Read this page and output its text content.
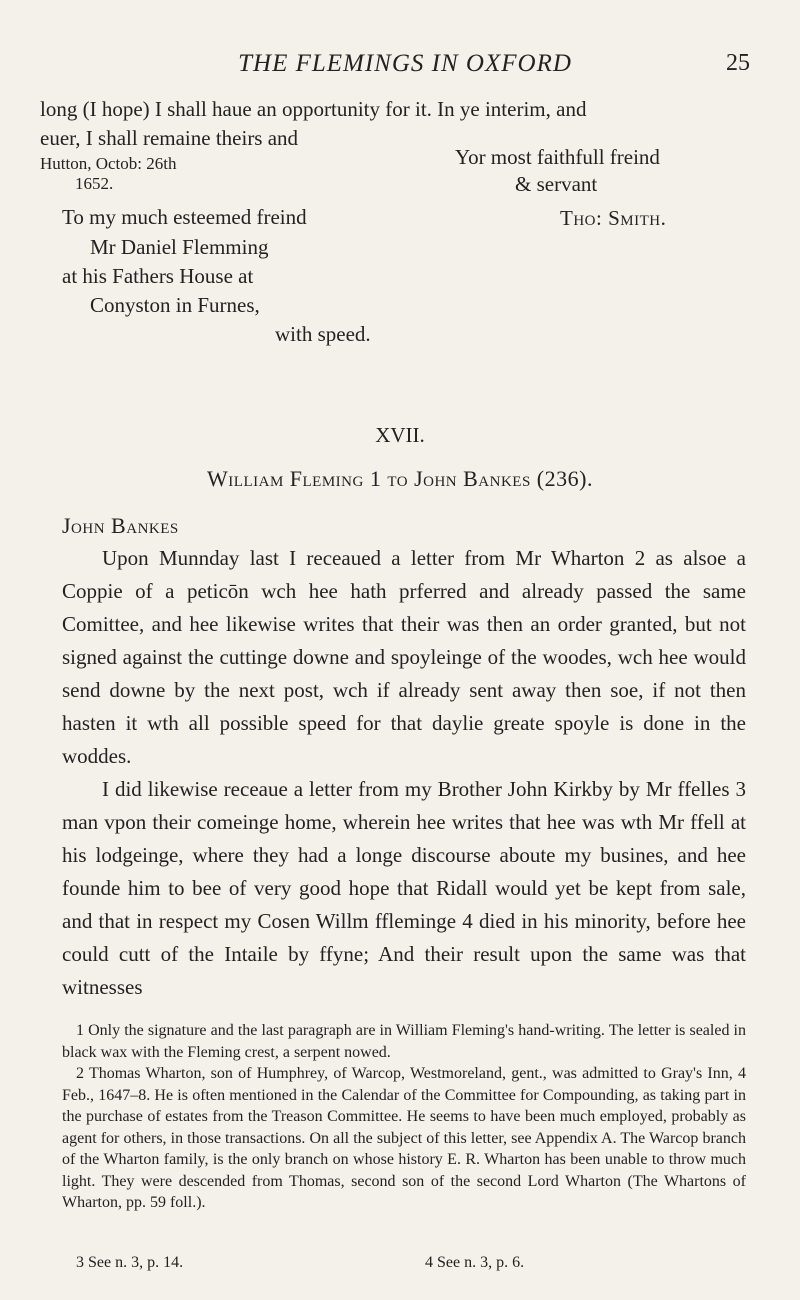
THE FLEMINGS IN OXFORD	25
long (I hope) I shall haue an opportunity for it. In ye interim, and
euer, I shall remaine theirs and
Hutton, Octob: 26th
1652.
Yor most faithfull freind
& servant
Tho: Smith.
To my much esteemed freind
Mr Daniel Flemming
at his Fathers House at
Conyston in Furnes,
with speed.
XVII.
William Fleming 1 to John Bankes (236).
John Bankes

Upon Munnday last I receaued a letter from Mr Wharton 2 as alsoe a Coppie of a peticōn wch hee hath prferred and already passed the same Comittee, and hee likewise writes that their was then an order granted, but not signed against the cuttinge downe and spoyleinge of the woodes, wch hee would send downe by the next post, wch if already sent away then soe, if not then hasten it wth all possible speed for that daylie greate spoyle is done in the woddes.

I did likewise receaue a letter from my Brother John Kirkby by Mr ffelles 3 man vpon their comeinge home, wherein hee writes that hee was wth Mr ffell at his lodgeinge, where they had a longe discourse aboute my busines, and hee founde him to bee of very good hope that Ridall would yet be kept from sale, and that in respect my Cosen Willm ffleminge 4 died in his minority, before hee could cutt of the Intaile by ffyne; And their result upon the same was that witnesses

1 Only the signature and the last paragraph are in William Fleming's hand-writing. The letter is sealed in black wax with the Fleming crest, a serpent nowed.

2 Thomas Wharton, son of Humphrey, of Warcop, Westmoreland, gent., was admitted to Gray's Inn, 4 Feb., 1647–8. He is often mentioned in the Calendar of the Committee for Compounding, as taking part in the purchase of estates from the Treason Committee. He seems to have been much employed, probably as agent for others, in those transactions. On all the subject of this letter, see Appendix A. The Warcop branch of the Wharton family, is the only branch on whose history E. R. Wharton has been unable to throw much light. They were descended from Thomas, second son of the second Lord Wharton (The Whartons of Wharton, pp. 59 foll.).

3 See n. 3, p. 14.	4 See n. 3, p. 6.
